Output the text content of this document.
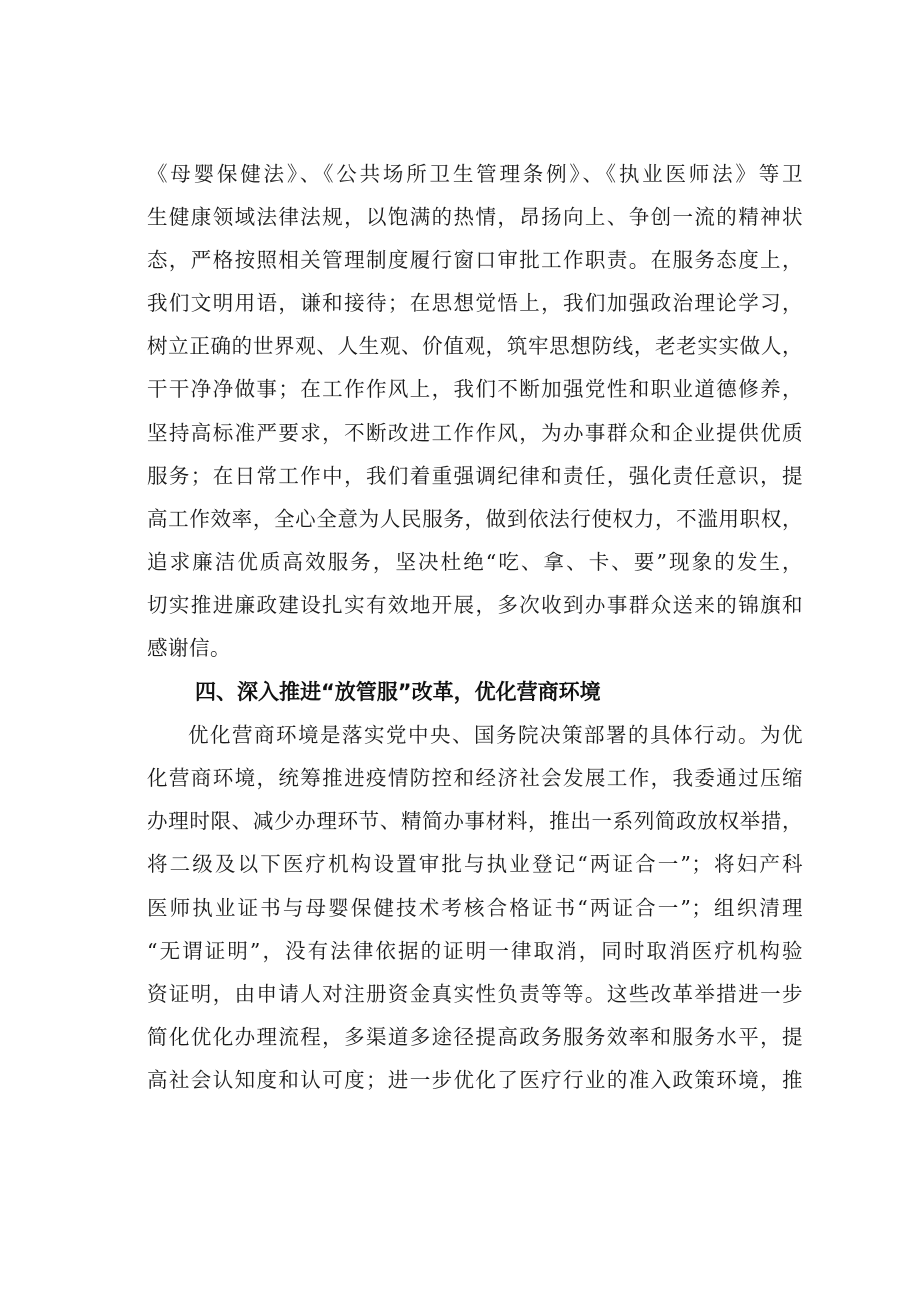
《母婴保健法》、《公共场所卫生管理条例》、《执业医师法》等卫
生健康领域法律法规，以饱满的热情，昂扬向上、争创一流的精神状
态，严格按照相关管理制度履行窗口审批工作职责。在服务态度上，
我们文明用语，谦和接待；在思想觉悟上，我们加强政治理论学习，
树立正确的世界观、人生观、价值观，筑牢思想防线，老老实实做人，
干干净净做事；在工作作风上，我们不断加强党性和职业道德修养，
坚持高标准严要求，不断改进工作作风，为办事群众和企业提供优质
服务；在日常工作中，我们着重强调纪律和责任，强化责任意识，提
高工作效率，全心全意为人民服务，做到依法行使权力，不滥用职权，
追求廉洁优质高效服务，坚决杜绝“吃、拿、卡、要”现象的发生，
切实推进廉政建设扎实有效地开展，多次收到办事群众送来的锦旗和
感谢信。
四、深入推进“放管服”改革，优化营商环境
优化营商环境是落实党中央、国务院决策部署的具体行动。为优
化营商环境，统筹推进疫情防控和经济社会发展工作，我委通过压缩
办理时限、减少办理环节、精简办事材料，推出一系列简政放权举措，
将二级及以下医疗机构设置审批与执业登记“两证合一”；将妇产科
医师执业证书与母婴保健技术考核合格证书“两证合一”；组织清理
“无谓证明”，没有法律依据的证明一律取消，同时取消医疗机构验
资证明，由申请人对注册资金真实性负责等等。这些改革举措进一步
简化优化办理流程，多渠道多途径提高政务服务效率和服务水平，提
高社会认知度和认可度；进一步优化了医疗行业的准入政策环境，推
